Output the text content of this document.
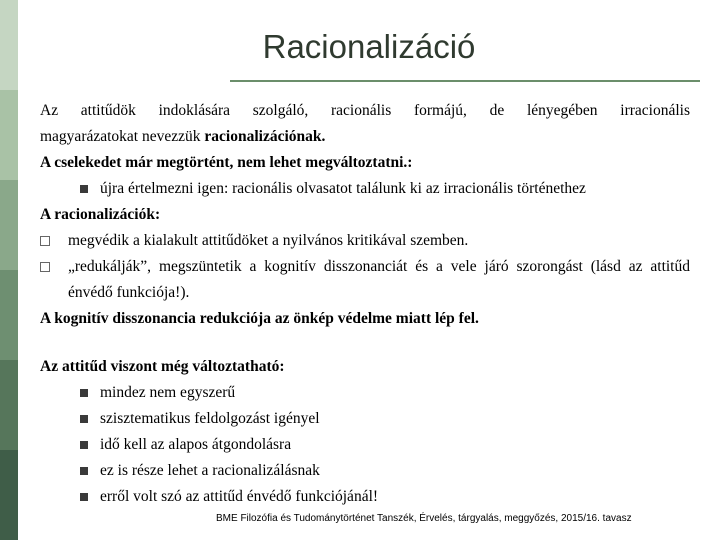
Racionalizáció

Az attitűdök indoklására szolgáló, racionális formájú, de lényegében irracionális

magyarázatokat nevezzük racionalizációnak.

A cselekedet már megtörtént, nem lehet megváltoztatni.:

újra értelmezni igen: racionális olvasatot találunk ki az irracionális történethez

A racionalizációk:

megvédik a kialakult attitűdöket a nyilvános kritikával szemben.
„redukálják”, megszüntetik a kognitív disszonanciát és a vele járó szorongást (lásd az attitűd énvédő funkciója!).

A kognitív disszonancia redukciója az önkép védelme miatt lép fel.

Az attitűd viszont még változtatható:

mindez nem egyszerű
szisztematikus feldolgozást igényel
idő kell az alapos átgondolásra
ez is része lehet a racionalizálásnak
erről volt szó az attitűd énvédő funkciójánál!
BME Filozófia és Tudománytörténet Tanszék, Érvelés, tárgyalás, meggyőzés, 2015/16. tavasz
